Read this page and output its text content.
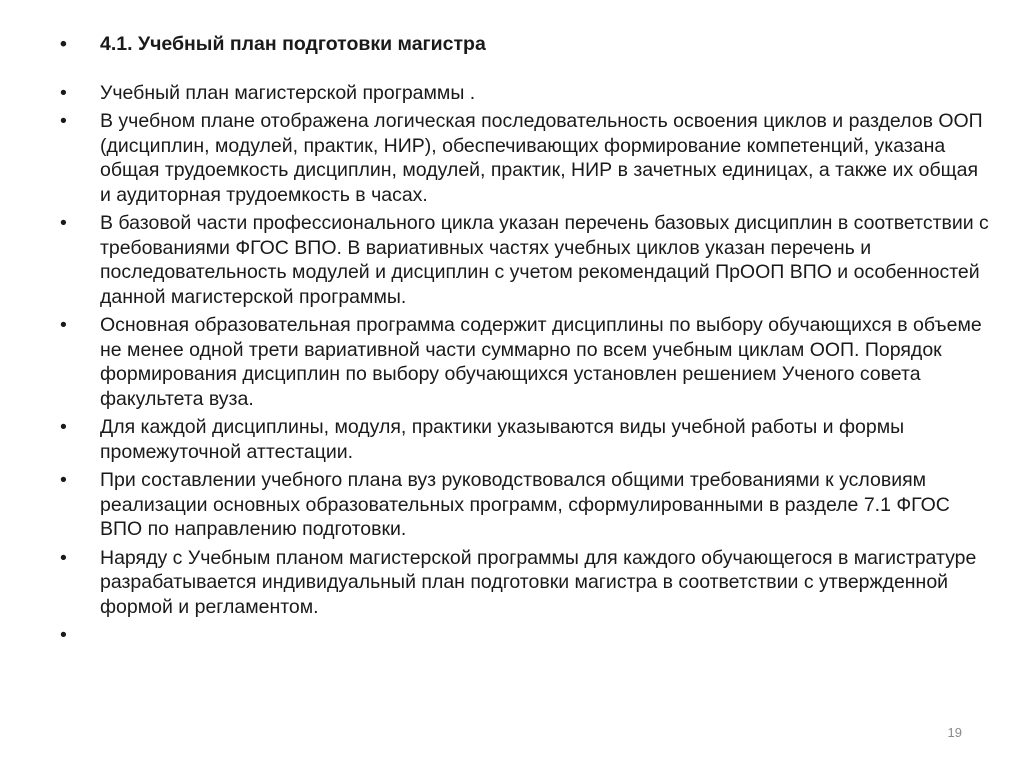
•	4.1. Учебный план подготовки магистра
•	Учебный план магистерской программы .
•	В учебном плане отображена логическая последовательность освоения циклов и разделов ООП (дисциплин, модулей, практик, НИР), обеспечивающих формирование компетенций, указана общая трудоемкость дисциплин, модулей, практик, НИР в зачетных единицах, а также их общая и аудиторная трудоемкость в часах.
•	В базовой части профессионального цикла указан перечень базовых дисциплин в соответствии с требованиями ФГОС ВПО. В вариативных частях учебных циклов указан перечень и последовательность модулей и дисциплин с учетом рекомендаций ПрООП ВПО и особенностей данной магистерской программы.
•	Основная образовательная программа содержит дисциплины по выбору обучающихся в объеме не менее одной трети вариативной части суммарно по всем учебным циклам ООП. Порядок формирования дисциплин по выбору обучающихся установлен решением Ученого совета факультета вуза.
•	Для каждой дисциплины, модуля, практики указываются виды учебной работы и формы промежуточной аттестации.
•	При составлении учебного плана вуз руководствовался общими требованиями к условиям реализации основных образовательных программ, сформулированными в разделе 7.1 ФГОС ВПО по направлению подготовки.
•	Наряду с Учебным планом магистерской программы для каждого обучающегося в магистратуре разрабатывается индивидуальный план подготовки магистра в соответствии с утвержденной формой и регламентом.
•
19
